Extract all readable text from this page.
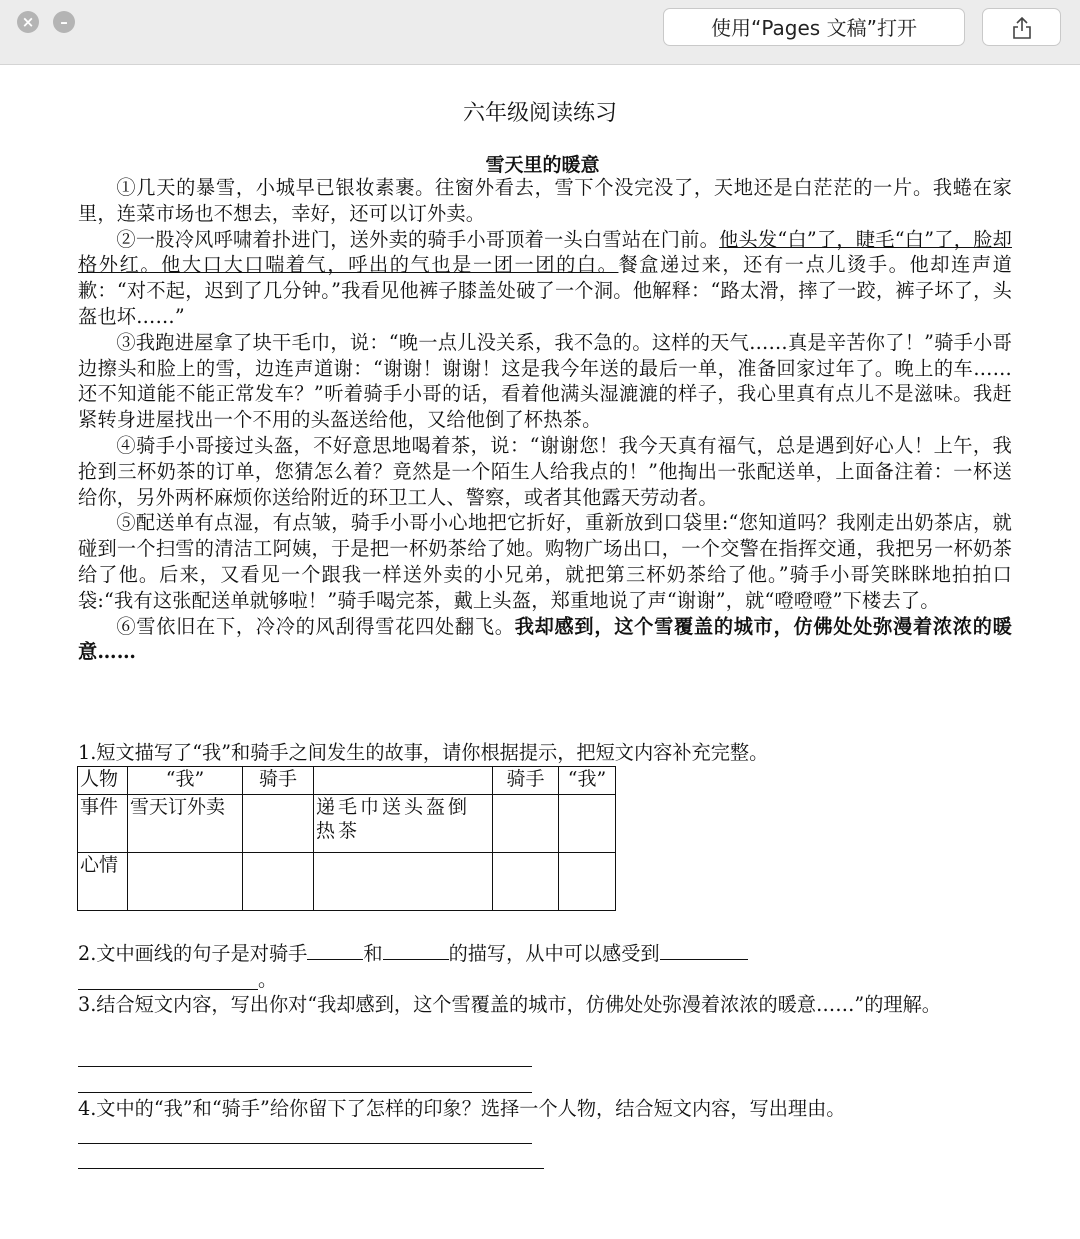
×	–	使用“Pages 文稿”打开
六年级阅读练习
雪天里的暖意

①几天的暴雪，小城早已银妆素裹。往窗外看去，雪下个没完没了，天地还是白茫茫的一片。我蜷在家里，连菜市场也不想去，幸好，还可以订外卖。

②一股冷风呼啸着扑进门，送外卖的骑手小哥顶着一头白雪站在门前。他头发“白”了，睫毛“白”了，脸却格外红。他大口大口喘着气，呼出的气也是一团一团的白。餐盒递过来，还有一点儿烫手。他却连声道歉：“对不起，迟到了几分钟。”我看见他裤子膝盖处破了一个洞。他解释：“路太滑，摔了一跤，裤子坏了，头盔也坏……”

③我跑进屋拿了块干毛巾，说：“晚一点儿没关系，我不急的。这样的天气……真是辛苦你了！”骑手小哥边擦头和脸上的雪，边连声道谢：“谢谢！谢谢！这是我今年送的最后一单，准备回家过年了。晚上的车……还不知道能不能正常发车？”听着骑手小哥的话，看着他满头湿漉漉的样子，我心里真有点儿不是滋味。我赶紧转身进屋找出一个不用的头盔送给他，又给他倒了杯热茶。

④骑手小哥接过头盔，不好意思地喝着茶，说：“谢谢您！我今天真有福气，总是遇到好心人！上午，我抢到三杯奶茶的订单，您猜怎么着？竟然是一个陌生人给我点的！”他掏出一张配送单，上面备注着：一杯送给你，另外两杯麻烦你送给附近的环卫工人、警察，或者其他露天劳动者。

⑤配送单有点湿，有点皱，骑手小哥小心地把它折好，重新放到口袋里:“您知道吗？我刚走出奶茶店，就碰到一个扫雪的清洁工阿姨，于是把一杯奶茶给了她。购物广场出口，一个交警在指挥交通，我把另一杯奶茶给了他。后来，又看见一个跟我一样送外卖的小兄弟，就把第三杯奶茶给了他。”骑手小哥笑眯眯地拍拍口袋:“我有这张配送单就够啦！”骑手喝完茶，戴上头盔，郑重地说了声“谢谢”，就“噔噔噔”下楼去了。

⑥雪依旧在下，冷冷的风刮得雪花四处翻飞。我却感到，这个雪覆盖的城市，仿佛处处弥漫着浓浓的暖意……

1.短文描写了“我”和骑手之间发生的故事，请你根据提示，把短文内容补充完整。
人物	“我”	骑手		骑手	“我”
事件	雪天订外卖		递毛巾送头盔倒热茶		
心情					
2.文中画线的句子是对骑手	和	的描写，从中可以感受到
。
3.结合短文内容，写出你对“我却感到，这个雪覆盖的城市，仿佛处处弥漫着浓浓的暖意……”的理解。
4.文中的“我”和“骑手”给你留下了怎样的印象？选择一个人物，结合短文内容，写出理由。
